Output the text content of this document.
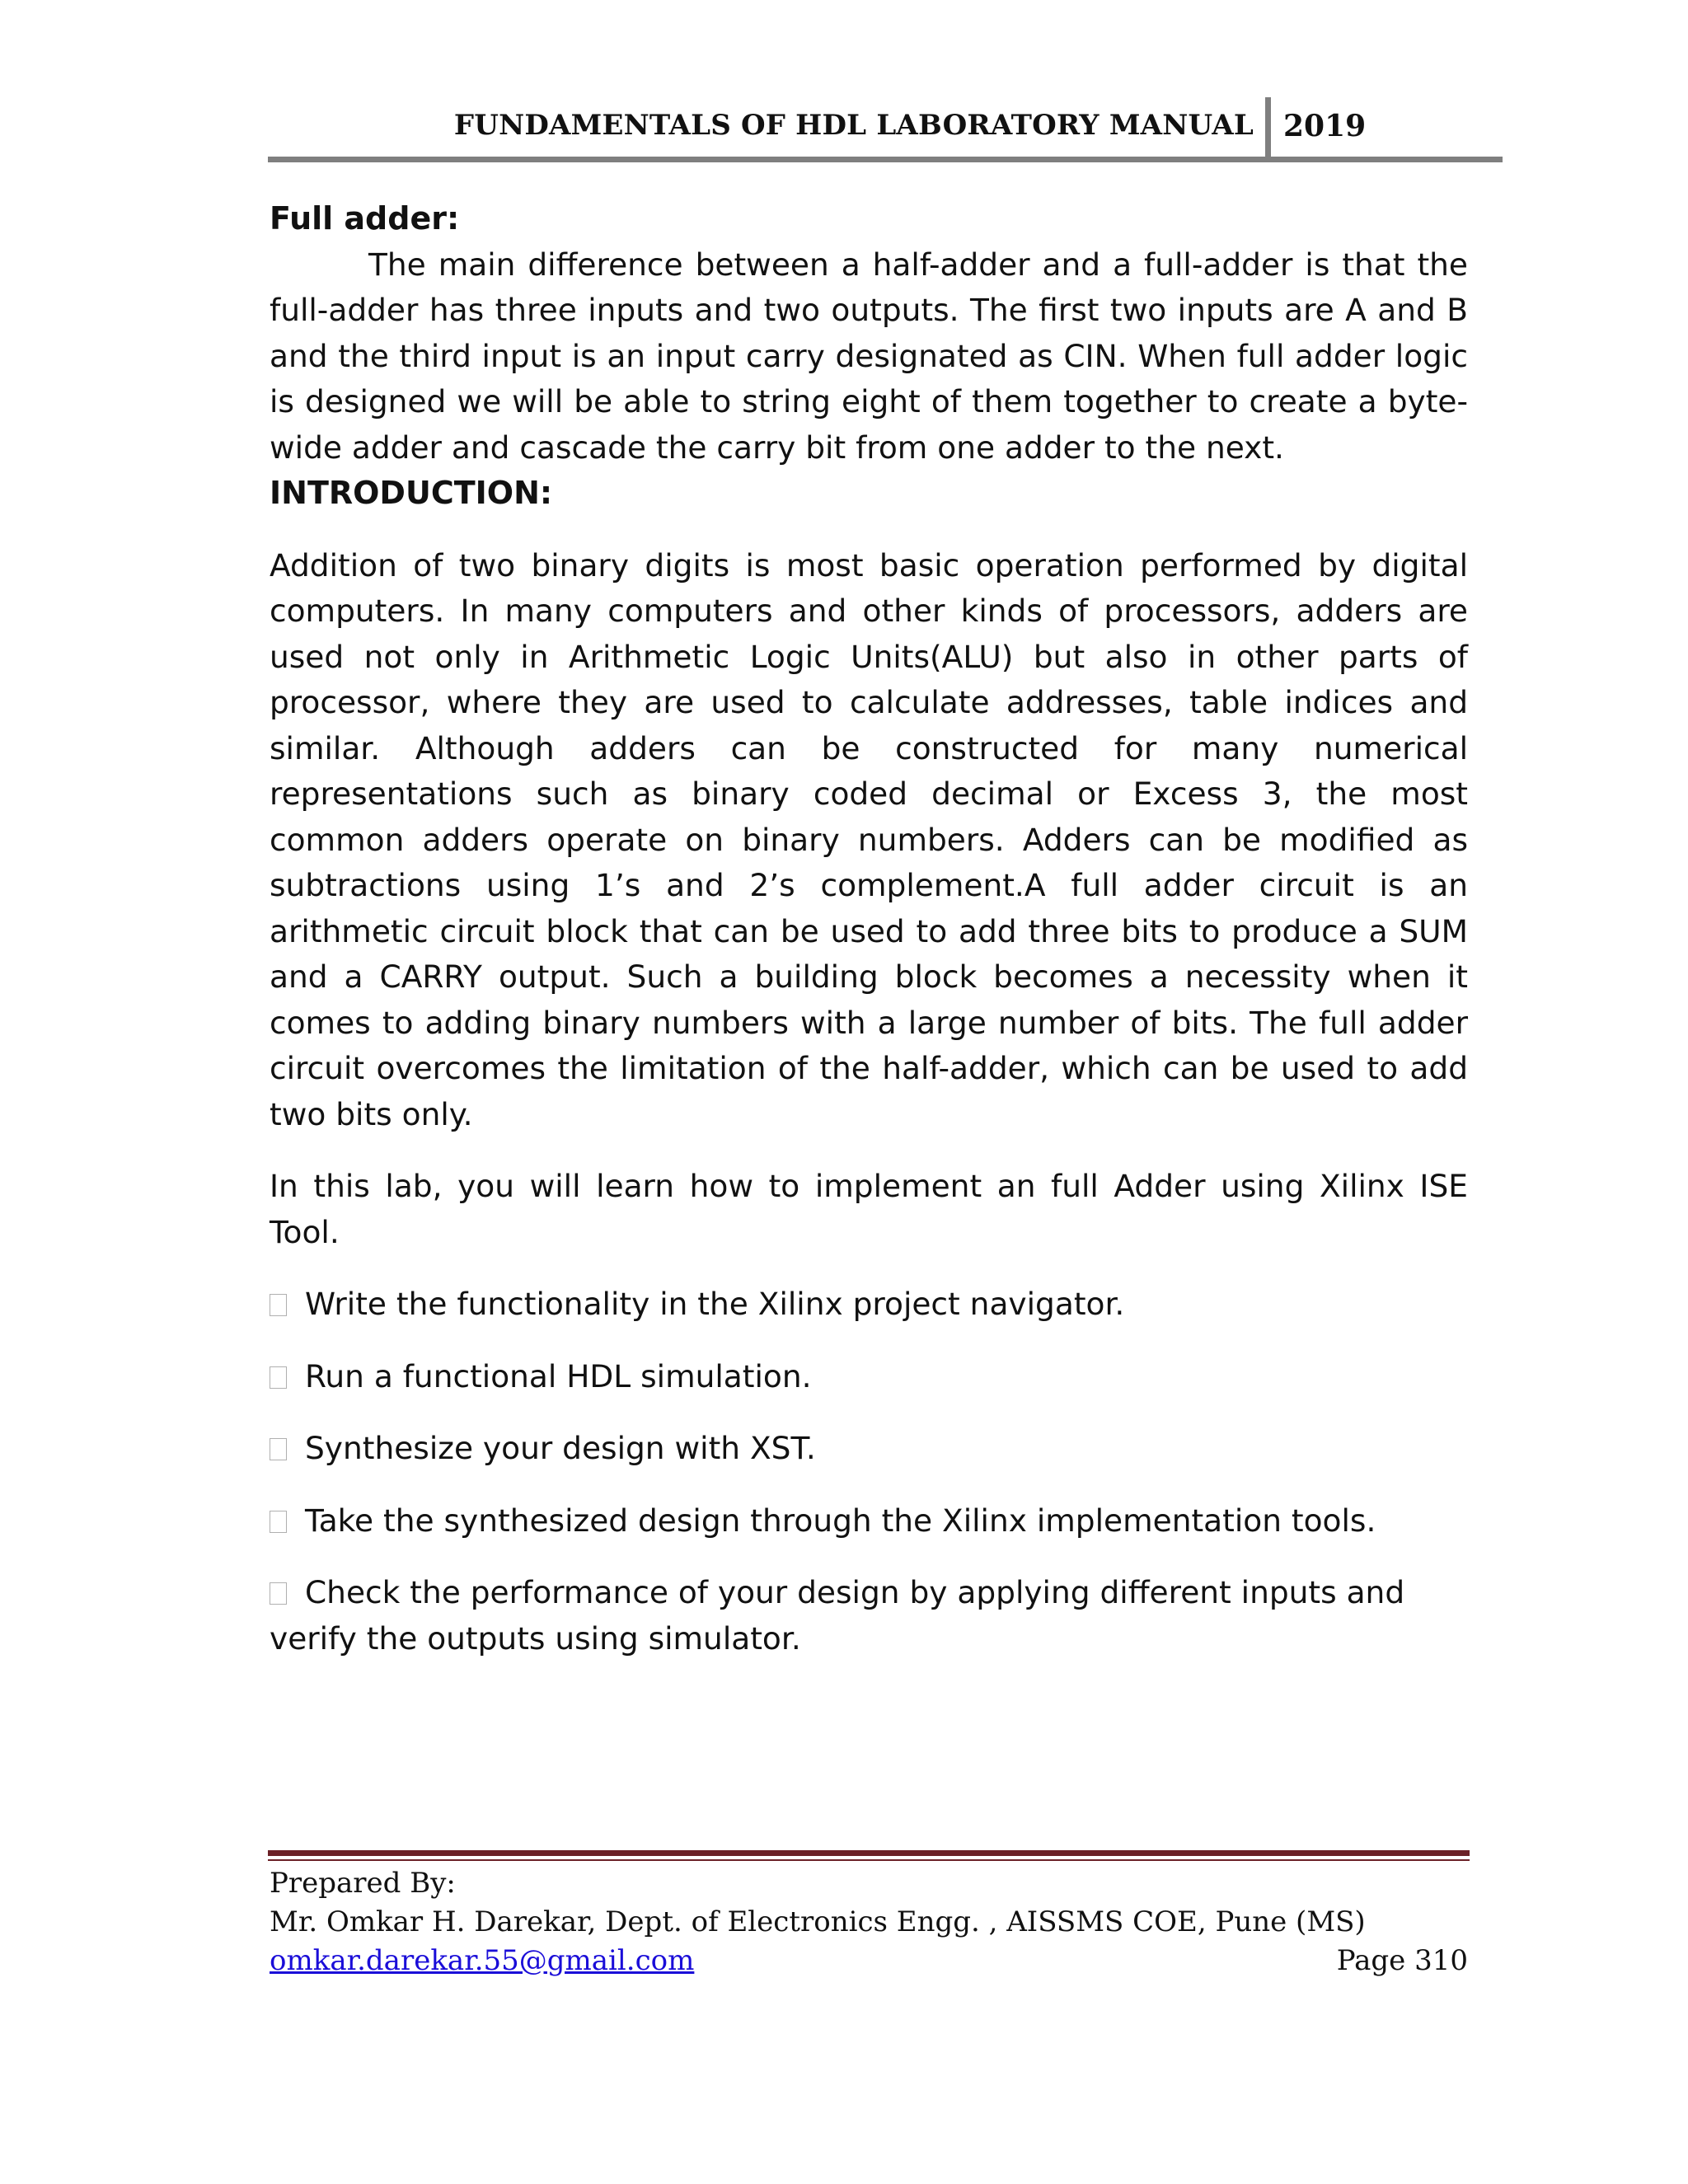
FUNDAMENTALS OF HDL LABORATORY MANUAL 2019

Full adder:

The main difference between a half-adder and a full-adder is that the full-adder has three inputs and two outputs. The first two inputs are A and B and the third input is an input carry designated as CIN. When full adder logic is designed we will be able to string eight of them together to create a byte-wide adder and cascade the carry bit from one adder to the next.

INTRODUCTION:

Addition of two binary digits is most basic operation performed by digital computers. In many computers and other kinds of processors, adders are used not only in Arithmetic Logic Units(ALU) but also in other parts of processor, where they are used to calculate addresses, table indices and similar. Although adders can be constructed for many numerical representations such as binary coded decimal or Excess 3, the most common adders operate on binary numbers. Adders can be modified as subtractions using 1’s and 2’s complement.A full adder circuit is an arithmetic circuit block that can be used to add three bits to produce a SUM and a CARRY output. Such a building block becomes a necessity when it comes to adding binary numbers with a large number of bits. The full adder circuit overcomes the limitation of the half-adder, which can be used to add two bits only.

In this lab, you will learn how to implement an full Adder using Xilinx ISE Tool.

Write the functionality in the Xilinx project navigator.

Run a functional HDL simulation.

Synthesize your design with XST.

Take the synthesized design through the Xilinx implementation tools.

Check the performance of your design by applying different inputs and verify the outputs using simulator.

Prepared By:
Mr. Omkar H. Darekar, Dept. of Electronics Engg. , AISSMS COE, Pune (MS)
omkar.darekar.55@gmail.com	Page 310
